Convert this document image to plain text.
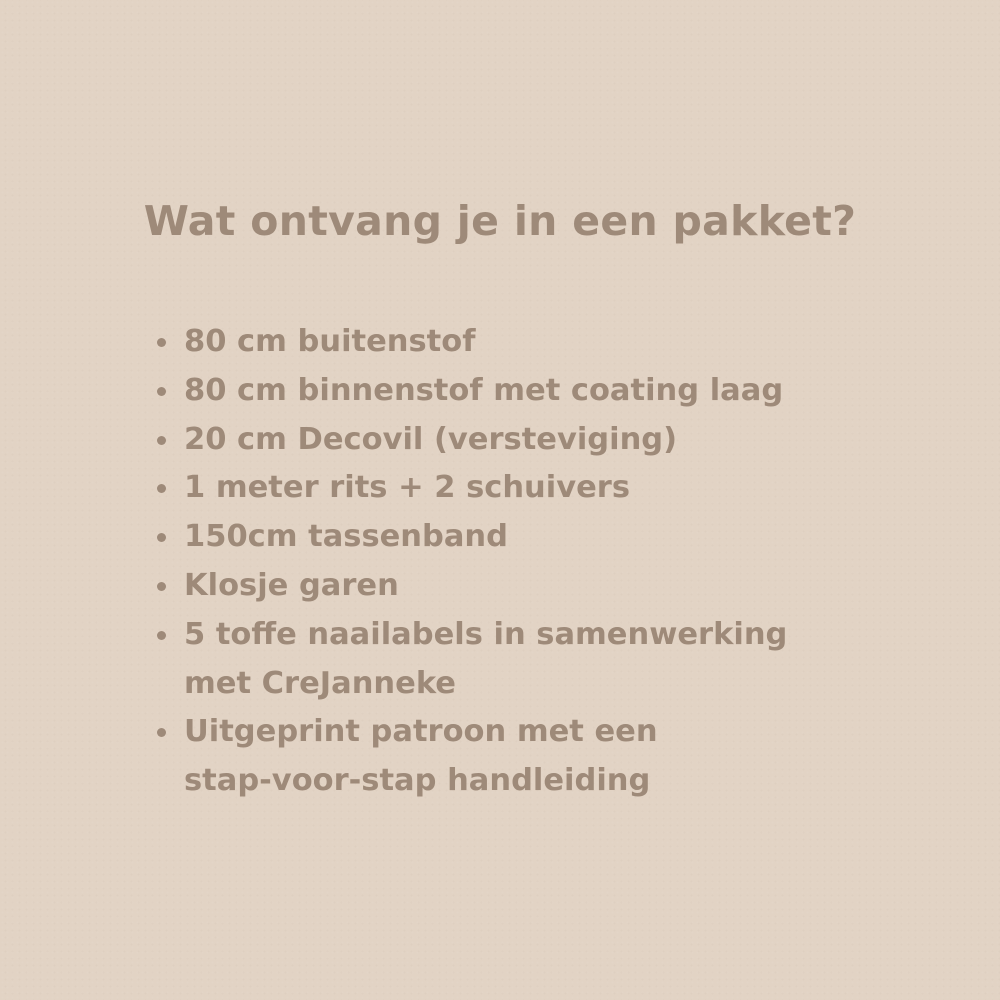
Wat ontvang je in een pakket?
80 cm buitenstof
80 cm binnenstof met coating laag
20 cm Decovil (versteviging)
1 meter rits + 2 schuivers
150cm tassenband
Klosje garen
5 toffe naailabels in samenwerking
met CreJanneke
Uitgeprint patroon met een
stap-voor-stap handleiding
